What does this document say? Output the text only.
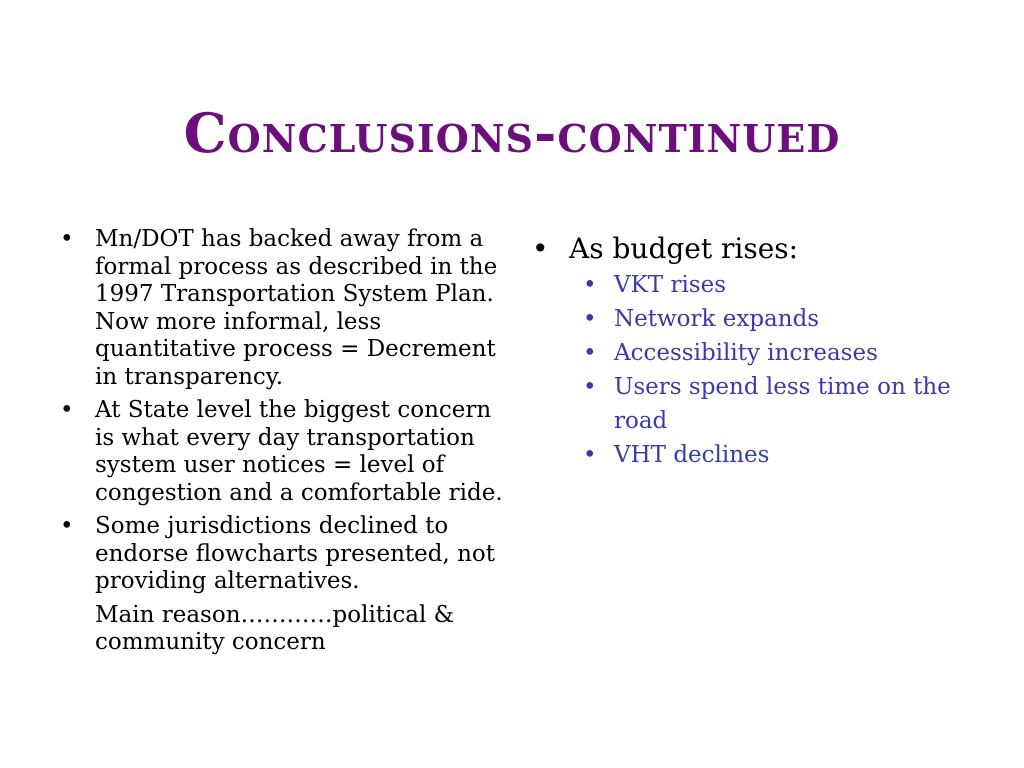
Conclusions-continued
• Mn/DOT has backed away from a formal process as described in the 1997 Transportation System Plan. Now more informal, less quantitative process = Decrement in transparency.
• At State level the biggest concern is what every day transportation system user notices = level of congestion and a comfortable ride.
• Some jurisdictions declined to endorse flowcharts presented, not providing alternatives.
Main reason…………political & community concern
• As budget rises:
• VKT rises
• Network expands
• Accessibility increases
• Users spend less time on the road
• VHT declines
